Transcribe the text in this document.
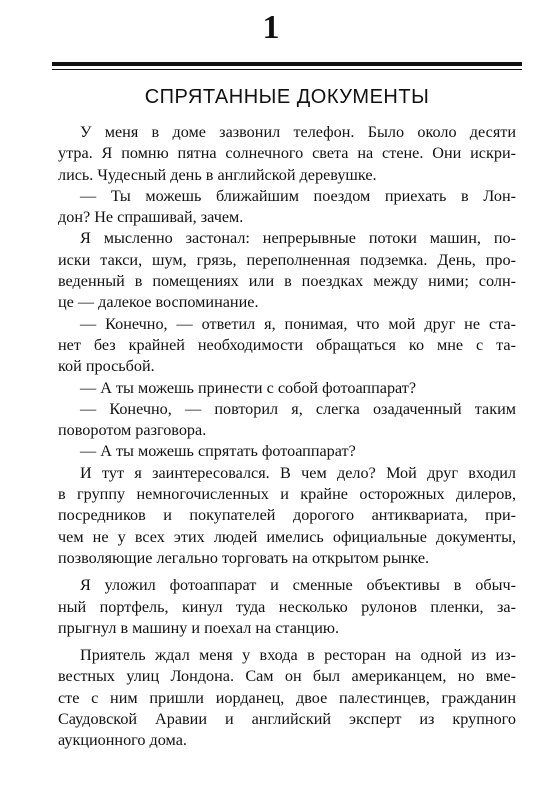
1
СПРЯТАННЫЕ ДОКУМЕНТЫ
У меня в доме зазвонил телефон. Было около десяти
утра. Я помню пятна солнечного света на стене. Они искри-
лись. Чудесный день в английской деревушке.
— Ты можешь ближайшим поездом приехать в Лон-
дон? Не спрашивай, зачем.
Я мысленно застонал: непрерывные потоки машин, по-
иски такси, шум, грязь, переполненная подземка. День, про-
веденный в помещениях или в поездках между ними; солн-
це — далекое воспоминание.
— Конечно, — ответил я, понимая, что мой друг не ста-
нет без крайней необходимости обращаться ко мне с та-
кой просьбой.
— А ты можешь принести с собой фотоаппарат?
— Конечно, — повторил я, слегка озадаченный таким
поворотом разговора.
— А ты можешь спрятать фотоаппарат?
И тут я заинтересовался. В чем дело? Мой друг входил
в группу немногочисленных и крайне осторожных дилеров,
посредников и покупателей дорогого антиквариата, при-
чем не у всех этих людей имелись официальные документы,
позволяющие легально торговать на открытом рынке.
Я уложил фотоаппарат и сменные объективы в обыч-
ный портфель, кинул туда несколько рулонов пленки, за-
прыгнул в машину и поехал на станцию.
Приятель ждал меня у входа в ресторан на одной из из-
вестных улиц Лондона. Сам он был американцем, но вме-
сте с ним пришли иорданец, двое палестинцев, гражданин
Саудовской Аравии и английский эксперт из крупного
аукционного дома.
